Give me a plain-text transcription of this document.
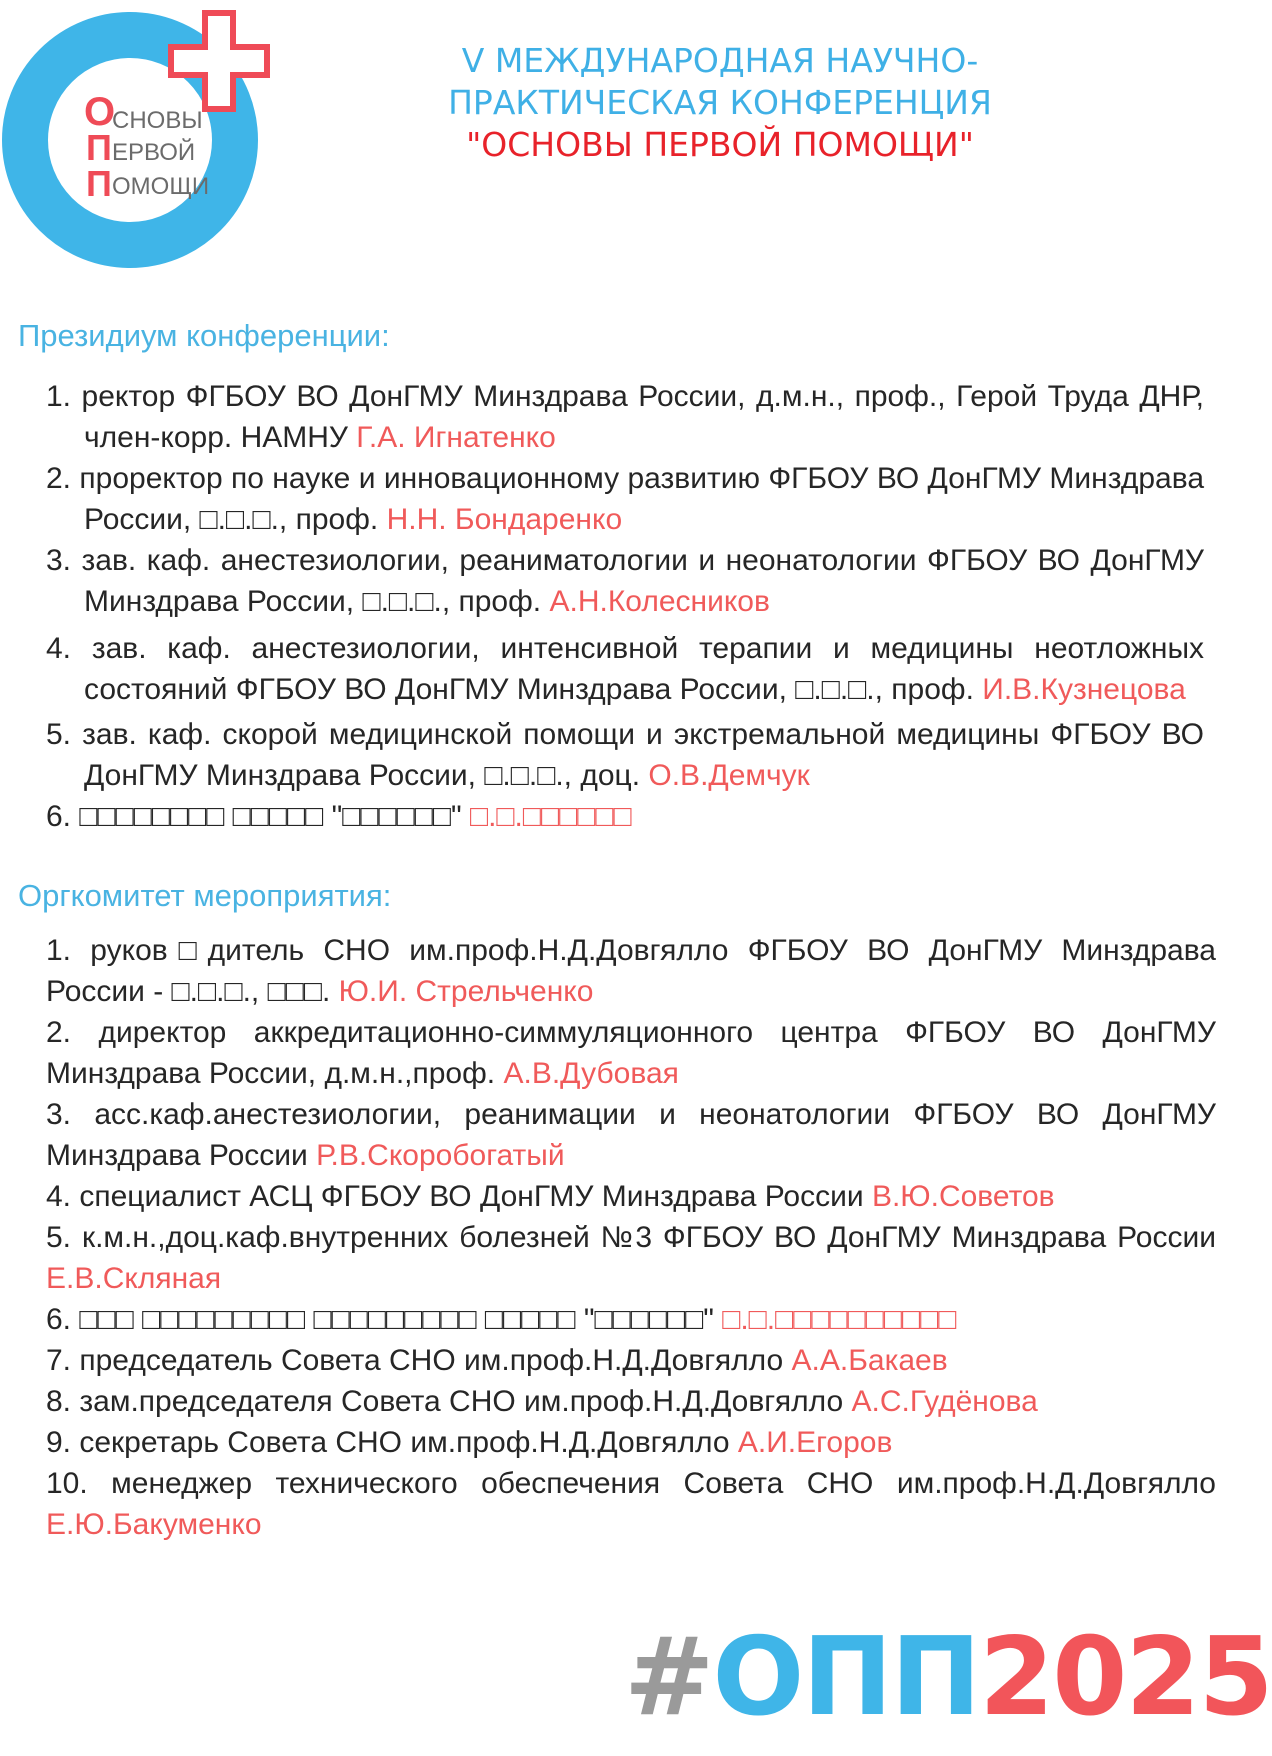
О
СНОВЫ
П ЕРВОЙ
П ОМОЩИ
V МЕЖДУНАРОДНАЯ НАУЧНО-
ПРАКТИЧЕСКАЯ КОНФЕРЕНЦИЯ
"ОСНОВЫ ПЕРВОЙ ПОМОЩИ"
Президиум конференции:
1. ректор ФГБОУ ВО ДонГМУ Минздрава России, д.м.н., проф., Герой Труда ДНР, член-корр. НАМНУ Г.А. Игнатенко
2. проректор по науке и инновационному развитию ФГБОУ ВО ДонГМУ Минздрава России, □.□.□., проф. Н.Н. Бондаренко
3. зав. каф. анестезиологии, реаниматологии и неонатологии ФГБОУ ВО ДонГМУ Минздрава России, □.□.□., проф. А.Н.Колесников
4. зав. каф. анестезиологии, интенсивной терапии и медицины неотложных состояний ФГБОУ ВО ДонГМУ Минздрава России, □.□.□., проф. И.В.Кузнецова
5. зав. каф. скорой медицинской помощи и экстремальной медицины ФГБОУ ВО ДонГМУ Минздрава России, □.□.□., доц. О.В.Демчук
6. □□□□□□□□ □□□□□ "□□□□□□" □.□.□□□□□□
Оргкомитет мероприятия:
1. руков□дитель СНО им.проф.Н.Д.Довгялло ФГБОУ ВО ДонГМУ Минздрава России - □.□.□., □□□. Ю.И. Стрельченко
2. директор аккредитационно-симмуляционного центра ФГБОУ ВО ДонГМУ Минздрава России, д.м.н.,проф. А.В.Дубовая
3. асс.каф.анестезиологии, реанимации и неонатологии ФГБОУ ВО ДонГМУ Минздрава России Р.В.Скоробогатый
4. специалист АСЦ ФГБОУ ВО ДонГМУ Минздрава России В.Ю.Советов
5. к.м.н.,доц.каф.внутренних болезней №3 ФГБОУ ВО ДонГМУ Минздрава России Е.В.Скляная
6. □□□ □□□□□□□□□ □□□□□□□□□ □□□□□ "□□□□□□" □.□.□□□□□□□□□□
7. председатель Совета СНО им.проф.Н.Д.Довгялло А.А.Бакаев
8. зам.председателя Совета СНО им.проф.Н.Д.Довгялло А.С.Гудёнова
9. секретарь Совета СНО им.проф.Н.Д.Довгялло А.И.Егоров
10. менеджер технического обеспечения Совета СНО им.проф.Н.Д.Довгялло Е.Ю.Бакуменко
#ОПП2025
